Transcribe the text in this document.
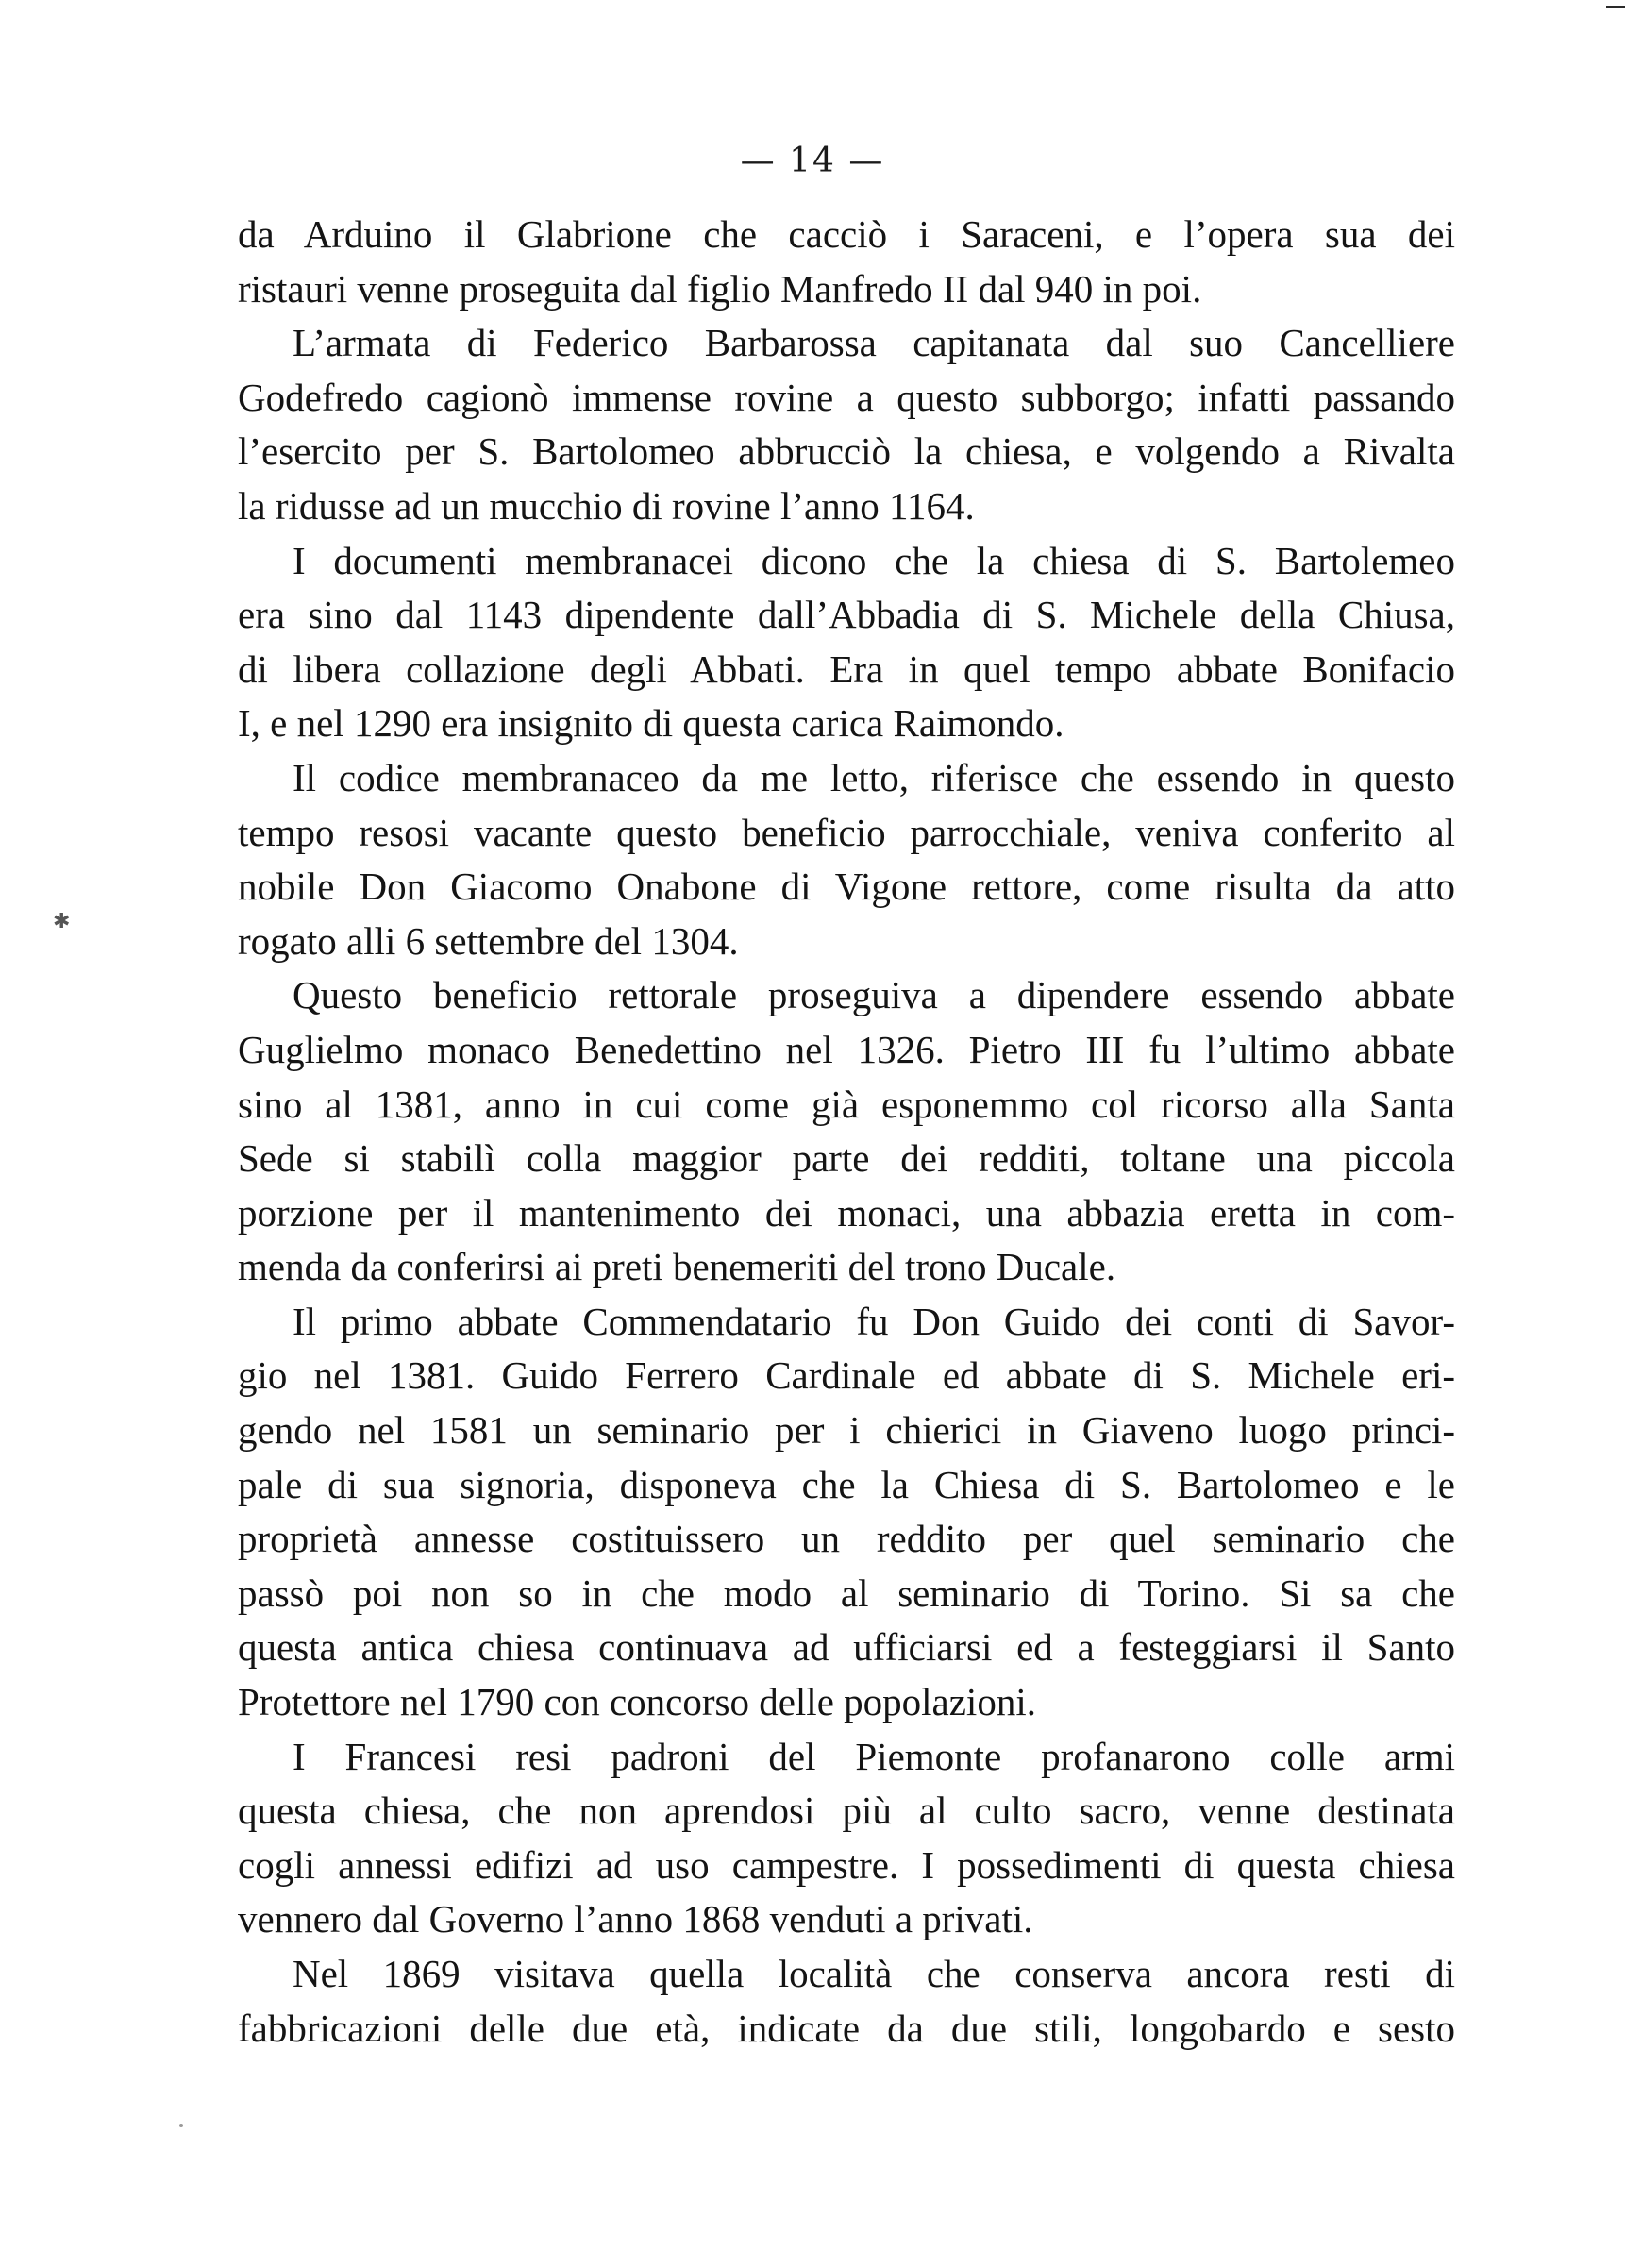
— 14 —
✱
da Arduino il Glabrione che cacciò i Saraceni, e l’opera sua dei
ristauri venne proseguita dal figlio Manfredo II dal 940 in poi.
L’armata di Federico Barbarossa capitanata dal suo Cancelliere
Godefredo cagionò immense rovine a questo subborgo; infatti passando
l’esercito per S. Bartolomeo abbrucciò la chiesa, e volgendo a Rivalta
la ridusse ad un mucchio di rovine l’anno 1164.
I documenti membranacei dicono che la chiesa di S. Bartolemeo
era sino dal 1143 dipendente dall’Abbadia di S. Michele della Chiusa,
di libera collazione degli Abbati. Era in quel tempo abbate Bonifacio
I, e nel 1290 era insignito di questa carica Raimondo.
Il codice membranaceo da me letto, riferisce che essendo in questo
tempo resosi vacante questo beneficio parrocchiale, veniva conferito al
nobile Don Giacomo Onabone di Vigone rettore, come risulta da atto
rogato alli 6 settembre del 1304.
Questo beneficio rettorale proseguiva a dipendere essendo abbate
Guglielmo monaco Benedettino nel 1326. Pietro III fu l’ultimo abbate
sino al 1381, anno in cui come già esponemmo col ricorso alla Santa
Sede si stabilì colla maggior parte dei redditi, toltane una piccola
porzione per il mantenimento dei monaci, una abbazia eretta in com-
menda da conferirsi ai preti benemeriti del trono Ducale.
Il primo abbate Commendatario fu Don Guido dei conti di Savor-
gio nel 1381. Guido Ferrero Cardinale ed abbate di S. Michele eri-
gendo nel 1581 un seminario per i chierici in Giaveno luogo princi-
pale di sua signoria, disponeva che la Chiesa di S. Bartolomeo e le
proprietà annesse costituissero un reddito per quel seminario che
passò poi non so in che modo al seminario di Torino. Si sa che
questa antica chiesa continuava ad ufficiarsi ed a festeggiarsi il Santo
Protettore nel 1790 con concorso delle popolazioni.
I Francesi resi padroni del Piemonte profanarono colle armi
questa chiesa, che non aprendosi più al culto sacro, venne destinata
cogli annessi edifizi ad uso campestre. I possedimenti di questa chiesa
vennero dal Governo l’anno 1868 venduti a privati.
Nel 1869 visitava quella località che conserva ancora resti di
fabbricazioni delle due età, indicate da due stili, longobardo e sesto
